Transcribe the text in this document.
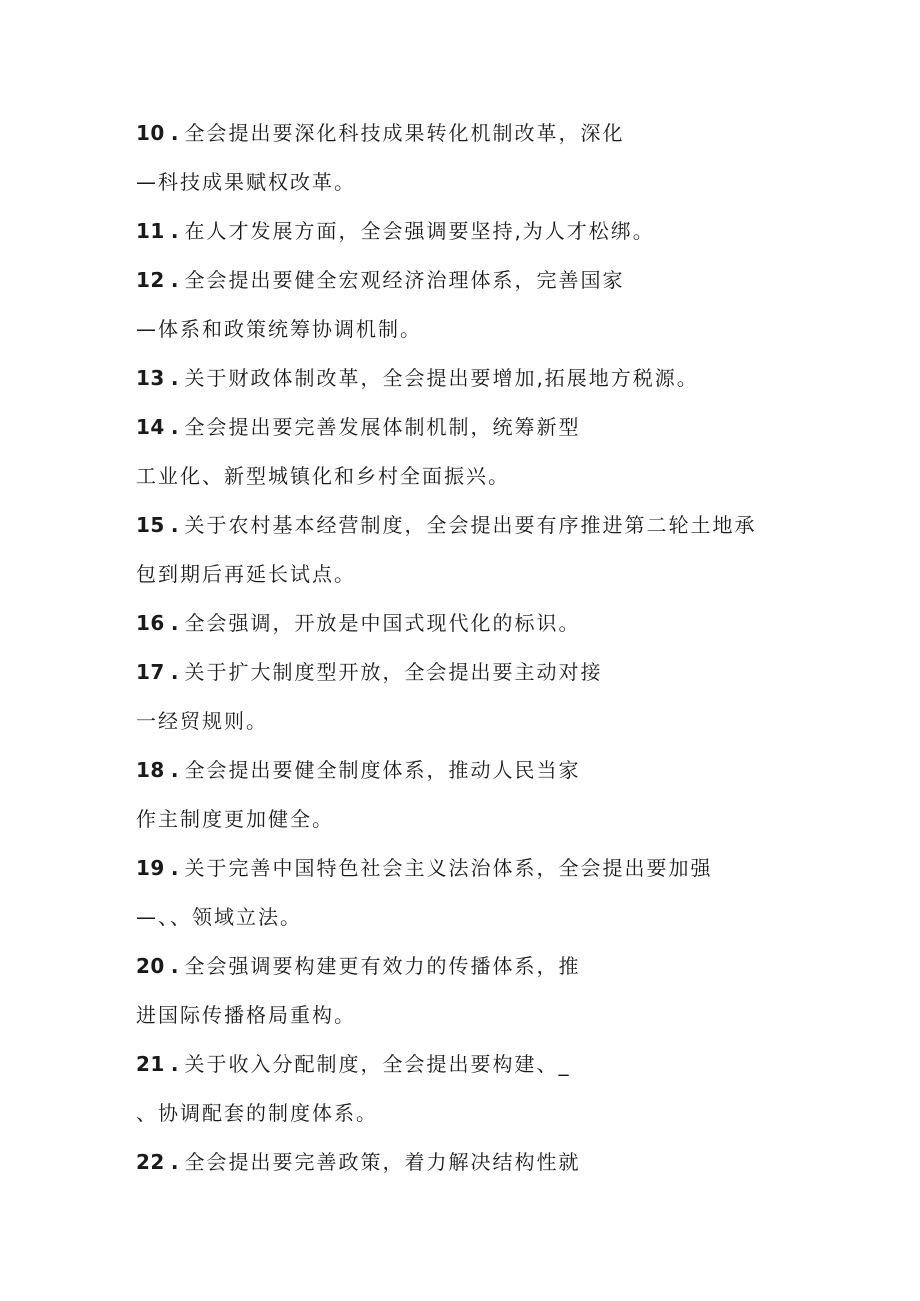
10 . 全会提出要深化科技成果转化机制改革，深化
—科技成果赋权改革。
11 . 在人才发展方面，全会强调要坚持,为人才松绑。
12 . 全会提出要健全宏观经济治理体系，完善国家
—体系和政策统筹协调机制。
13 . 关于财政体制改革，全会提出要增加,拓展地方税源。
14 . 全会提出要完善发展体制机制，统筹新型
工业化、新型城镇化和乡村全面振兴。
15 . 关于农村基本经营制度，全会提出要有序推进第二轮土地承
包到期后再延长试点。
16 . 全会强调，开放是中国式现代化的标识。
17 . 关于扩大制度型开放，全会提出要主动对接
一经贸规则。
18 . 全会提出要健全制度体系，推动人民当家
作主制度更加健全。
19 . 关于完善中国特色社会主义法治体系，全会提出要加强
—、、领域立法。
20 . 全会强调要构建更有效力的传播体系，推
进国际传播格局重构。
21 . 关于收入分配制度，全会提出要构建、_
、协调配套的制度体系。
22 . 全会提出要完善政策，着力解决结构性就
